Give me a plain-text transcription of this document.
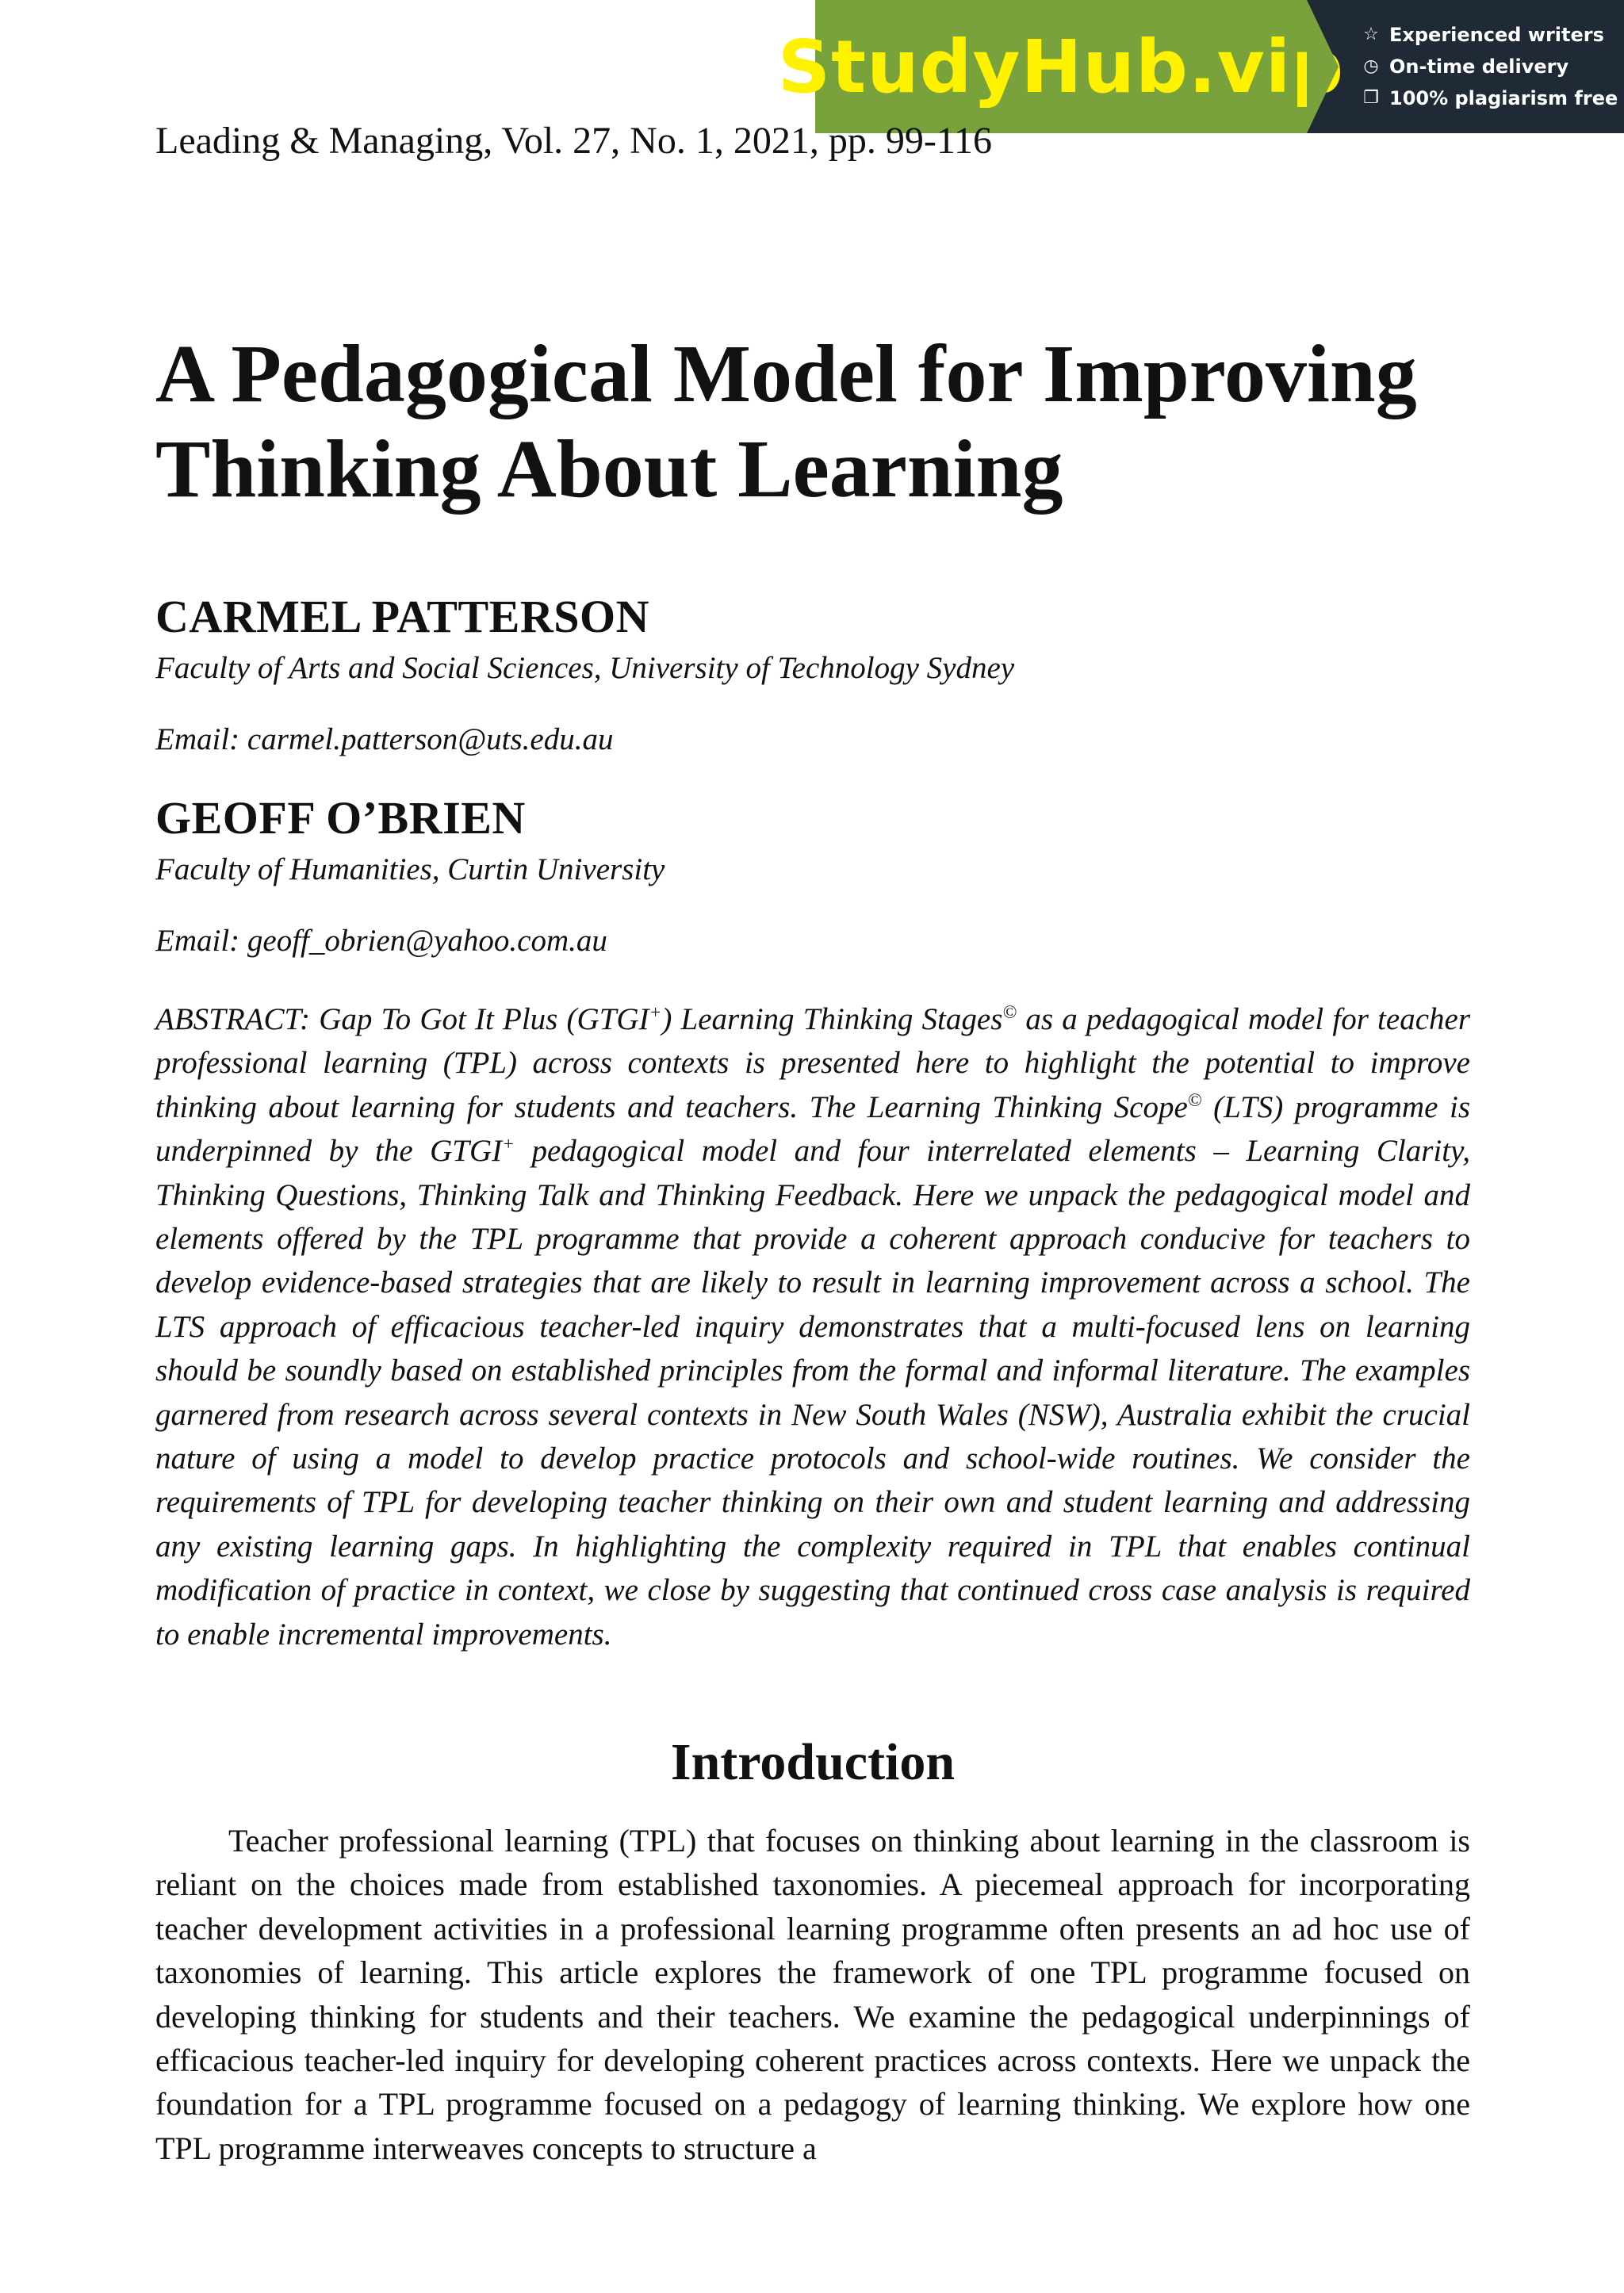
StudyHub.vip ☆ Experienced writers
◷ On-time delivery
❐ 100% plagiarism free
Leading & Managing, Vol. 27, No. 1, 2021, pp. 99-116
A Pedagogical Model for Improving
Thinking About Learning
CARMEL PATTERSON
Faculty of Arts and Social Sciences, University of Technology Sydney
Email: carmel.patterson@uts.edu.au
GEOFF O’BRIEN
Faculty of Humanities, Curtin University
Email: geoff_obrien@yahoo.com.au

ABSTRACT: Gap To Got It Plus (GTGI+) Learning Thinking Stages© as a pedagogical model for teacher professional learning (TPL) across contexts is presented here to highlight the potential to improve thinking about learning for students and teachers. The Learning Thinking Scope© (LTS) programme is underpinned by the GTGI+ pedagogical model and four interrelated elements – Learning Clarity, Thinking Questions, Thinking Talk and Thinking Feedback. Here we unpack the pedagogical model and elements offered by the TPL programme that provide a coherent approach conducive for teachers to develop evidence-based strategies that are likely to result in learning improvement across a school. The LTS approach of efficacious teacher-led inquiry demonstrates that a multi-focused lens on learning should be soundly based on established principles from the formal and informal literature. The examples garnered from research across several contexts in New South Wales (NSW), Australia exhibit the crucial nature of using a model to develop practice protocols and school-wide routines. We consider the requirements of TPL for developing teacher thinking on their own and student learning and addressing any existing learning gaps. In highlighting the complexity required in TPL that enables continual modification of practice in context, we close by suggesting that continued cross case analysis is required to enable incremental improvements.

Introduction

Teacher professional learning (TPL) that focuses on thinking about learning in the classroom is reliant on the choices made from established taxonomies. A piecemeal approach for incorporating teacher development activities in a professional learning programme often presents an ad hoc use of taxonomies of learning. This article explores the framework of one TPL programme focused on developing thinking for students and their teachers. We examine the pedagogical underpinnings of efficacious teacher-led inquiry for developing coherent practices across contexts. Here we unpack the foundation for a TPL programme focused on a pedagogy of learning thinking. We explore how one TPL programme interweaves concepts to structure a
